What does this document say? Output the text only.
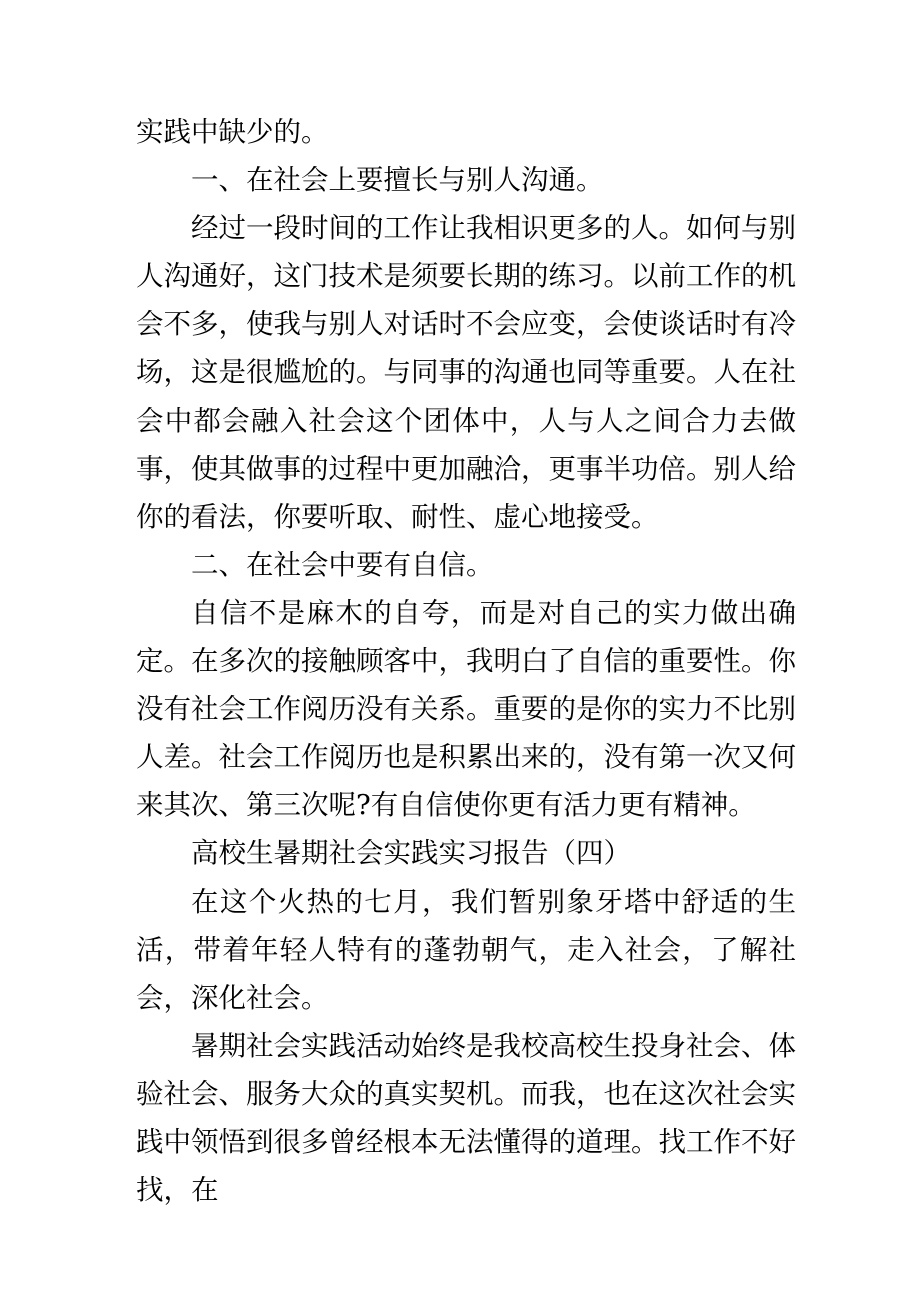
实践中缺少的。

一、在社会上要擅长与别人沟通。

经过一段时间的工作让我相识更多的人。如何与别人沟通好，这门技术是须要长期的练习。以前工作的机会不多，使我与别人对话时不会应变，会使谈话时有冷场，这是很尴尬的。与同事的沟通也同等重要。人在社会中都会融入社会这个团体中，人与人之间合力去做事，使其做事的过程中更加融洽，更事半功倍。别人给你的看法，你要听取、耐性、虚心地接受。

二、在社会中要有自信。

自信不是麻木的自夸，而是对自己的实力做出确定。在多次的接触顾客中，我明白了自信的重要性。你没有社会工作阅历没有关系。重要的是你的实力不比别人差。社会工作阅历也是积累出来的，没有第一次又何来其次、第三次呢?有自信使你更有活力更有精神。

高校生暑期社会实践实习报告（四）

在这个火热的七月，我们暂别象牙塔中舒适的生活，带着年轻人特有的蓬勃朝气，走入社会，了解社会，深化社会。

暑期社会实践活动始终是我校高校生投身社会、体验社会、服务大众的真实契机。而我，也在这次社会实践中领悟到很多曾经根本无法懂得的道理。找工作不好找，在
